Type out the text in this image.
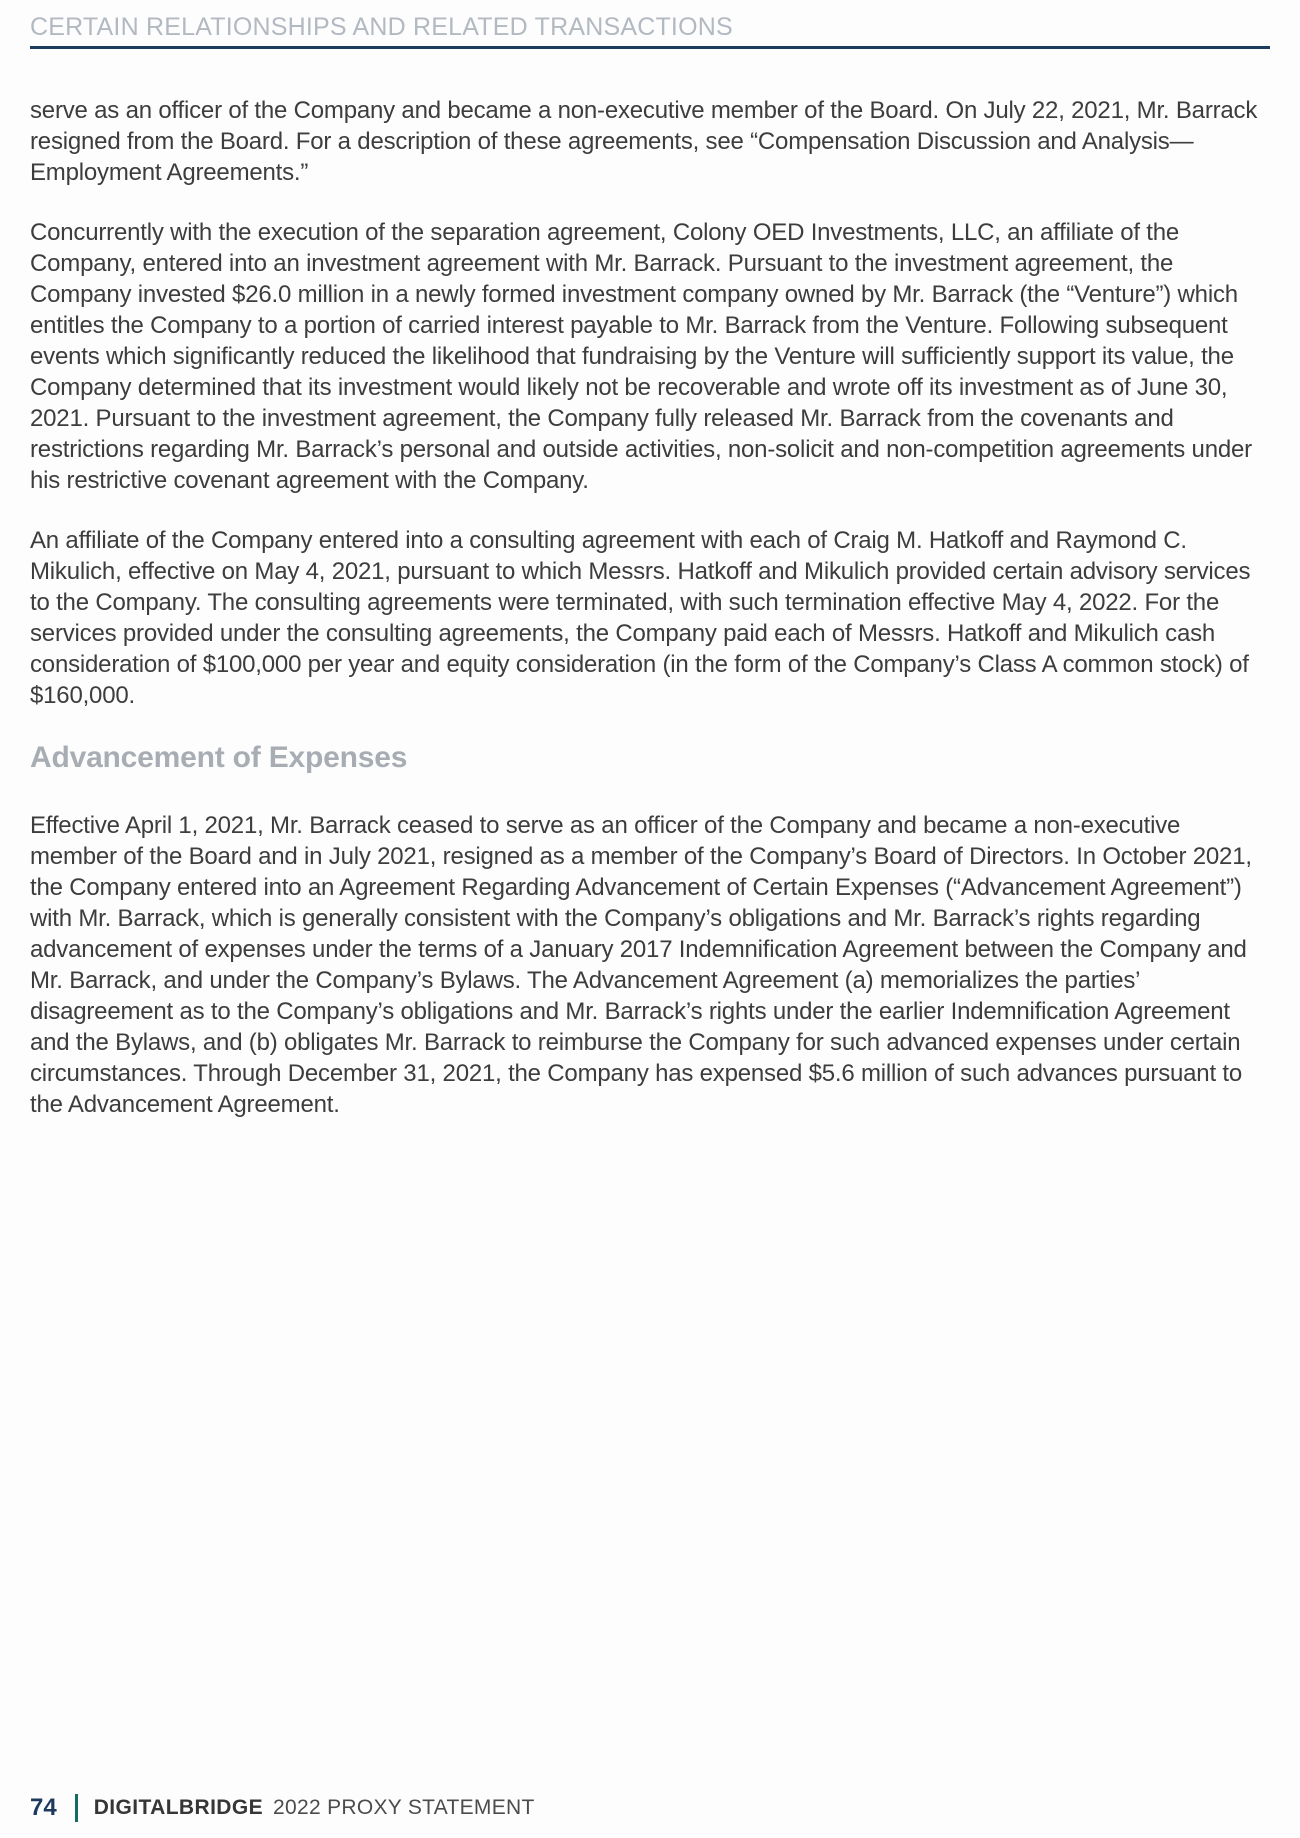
CERTAIN RELATIONSHIPS AND RELATED TRANSACTIONS

serve as an officer of the Company and became a non-executive member of the Board. On July 22, 2021, Mr. Barrack resigned from the Board. For a description of these agreements, see “Compensation Discussion and Analysis—Employment Agreements.”

Concurrently with the execution of the separation agreement, Colony OED Investments, LLC, an affiliate of the Company, entered into an investment agreement with Mr. Barrack. Pursuant to the investment agreement, the Company invested $26.0 million in a newly formed investment company owned by Mr. Barrack (the “Venture”) which entitles the Company to a portion of carried interest payable to Mr. Barrack from the Venture. Following subsequent events which significantly reduced the likelihood that fundraising by the Venture will sufficiently support its value, the Company determined that its investment would likely not be recoverable and wrote off its investment as of June 30, 2021. Pursuant to the investment agreement, the Company fully released Mr. Barrack from the covenants and restrictions regarding Mr. Barrack’s personal and outside activities, non-solicit and non-competition agreements under his restrictive covenant agreement with the Company.

An affiliate of the Company entered into a consulting agreement with each of Craig M. Hatkoff and Raymond C. Mikulich, effective on May 4, 2021, pursuant to which Messrs. Hatkoff and Mikulich provided certain advisory services to the Company. The consulting agreements were terminated, with such termination effective May 4, 2022. For the services provided under the consulting agreements, the Company paid each of Messrs. Hatkoff and Mikulich cash consideration of $100,000 per year and equity consideration (in the form of the Company’s Class A common stock) of $160,000.

Advancement of Expenses

Effective April 1, 2021, Mr. Barrack ceased to serve as an officer of the Company and became a non-executive member of the Board and in July 2021, resigned as a member of the Company’s Board of Directors. In October 2021, the Company entered into an Agreement Regarding Advancement of Certain Expenses (“Advancement Agreement”) with Mr. Barrack, which is generally consistent with the Company’s obligations and Mr. Barrack’s rights regarding advancement of expenses under the terms of a January 2017 Indemnification Agreement between the Company and Mr. Barrack, and under the Company’s Bylaws. The Advancement Agreement (a) memorializes the parties’ disagreement as to the Company’s obligations and Mr. Barrack’s rights under the earlier Indemnification Agreement and the Bylaws, and (b) obligates Mr. Barrack to reimburse the Company for such advanced expenses under certain circumstances. Through December 31, 2021, the Company has expensed $5.6 million of such advances pursuant to the Advancement Agreement.

74 DIGITALBRIDGE 2022 PROXY STATEMENT
